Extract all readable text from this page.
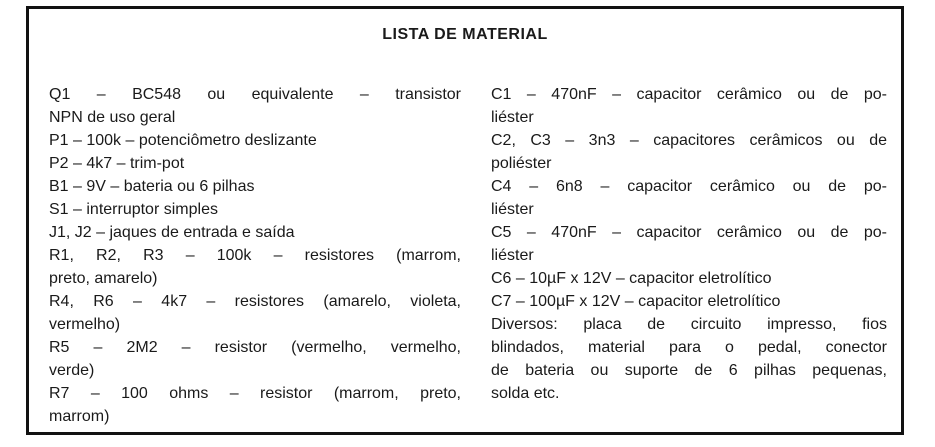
LISTA DE MATERIAL
Q1 – BC548 ou equivalente – transistor
NPN de uso geral
P1 – 100k – potenciômetro deslizante
P2 – 4k7 – trim-pot
B1 – 9V – bateria ou 6 pilhas
S1 – interruptor simples
J1, J2 – jaques de entrada e saída
R1, R2, R3 – 100k – resistores (marrom,
preto, amarelo)
R4, R6 – 4k7 – resistores (amarelo, violeta,
vermelho)
R5 – 2M2 – resistor (vermelho, vermelho,
verde)
R7 – 100 ohms – resistor (marrom, preto,
marrom)
C1 – 470nF – capacitor cerâmico ou de po-
liéster
C2, C3 – 3n3 – capacitores cerâmicos ou de
poliéster
C4 – 6n8 – capacitor cerâmico ou de po-
liéster
C5 – 470nF – capacitor cerâmico ou de po-
liéster
C6 – 10µF x 12V – capacitor eletrolítico
C7 – 100µF x 12V – capacitor eletrolítico
Diversos: placa de circuito impresso, fios
blindados, material para o pedal, conector
de bateria ou suporte de 6 pilhas pequenas,
solda etc.
